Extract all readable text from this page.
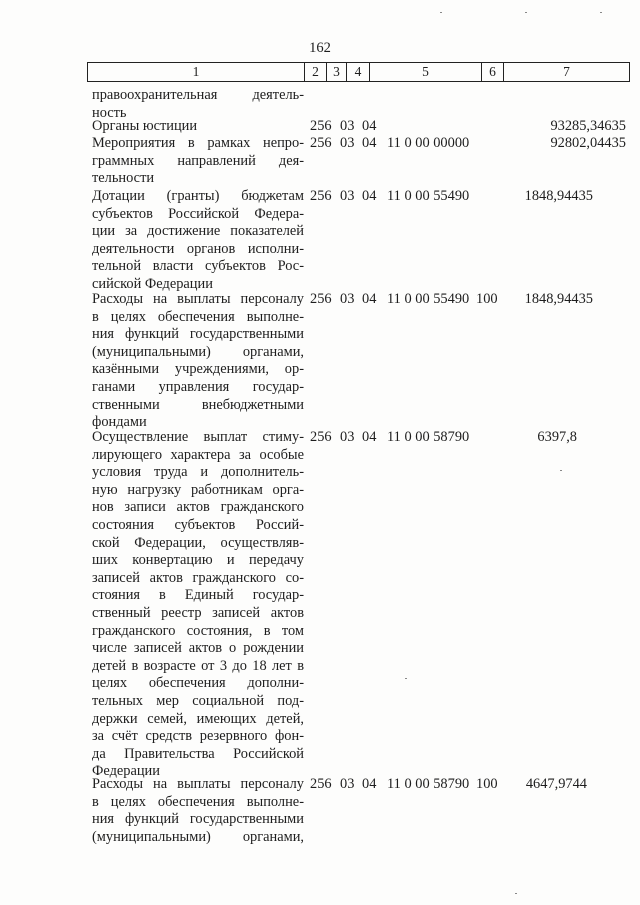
162
1	2	3	4	5	6	7
правоохранительная деятель-
ность
Органы юстиции	256 03 04	93285,34635
Мероприятия в рамках непро-
граммных направлений дея-
тельности
256 03 04 11 0 00 00000	92802,04435
Дотации (гранты) бюджетам
субъектов Российской Федера-
ции за достижение показателей
деятельности органов исполни-
тельной власти субъектов Рос-
сийской Федерации
256 03 04 11 0 00 55490	1848,94435
Расходы на выплаты персоналу
в целях обеспечения выполне-
ния функций государственными
(муниципальными) органами,
казёнными учреждениями, ор-
ганами управления государ-
ственными внебюджетными
фондами
256 03 04 11 0 00 55490 100	1848,94435
Осуществление выплат стиму-
лирующего характера за особые
условия труда и дополнитель-
ную нагрузку работникам орга-
нов записи актов гражданского
состояния субъектов Россий-
ской Федерации, осуществляв-
ших конвертацию и передачу
записей актов гражданского со-
стояния в Единый государ-
ственный реестр записей актов
гражданского состояния, в том
числе записей актов о рождении
детей в возрасте от 3 до 18 лет в
целях обеспечения дополни-
тельных мер социальной под-
держки семей, имеющих детей,
за счёт средств резервного фон-
да Правительства Российской
Федерации
256 03 04 11 0 00 58790	6397,8
Расходы на выплаты персоналу
в целях обеспечения выполне-
ния функций государственными
(муниципальными) органами,
256 03 04 11 0 00 58790 100	4647,9744
